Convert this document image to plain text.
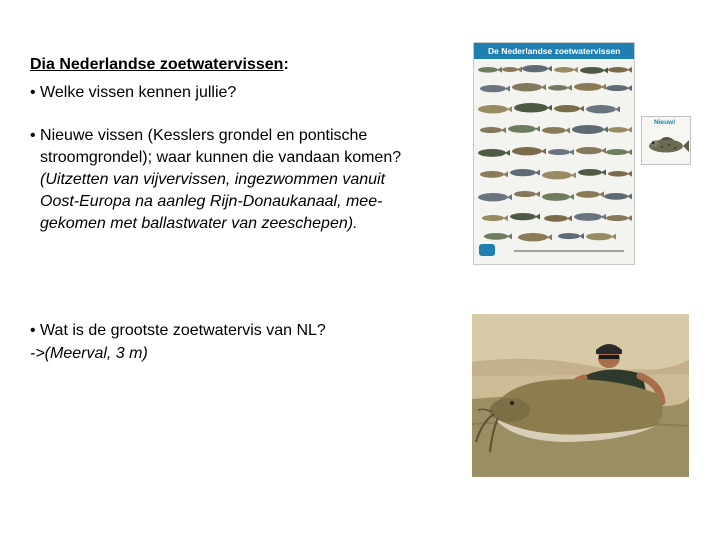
Dia Nederlandse zoetwatervissen:
• Welke vissen kennen jullie?
• Nieuwe vissen (Kesslers grondel en pontische
stroomgrondel); waar kunnen die vandaan komen?
(Uitzetten van vijvervissen, ingezwommen vanuit
Oost-Europa na aanleg Rijn-Donaukanaal, mee-
gekomen met ballastwater van zeeschepen).
• Wat is de grootste zoetwatervis van NL?
->(Meerval, 3 m)
De Nederlandse zoetwatervissen
Nieuw!
